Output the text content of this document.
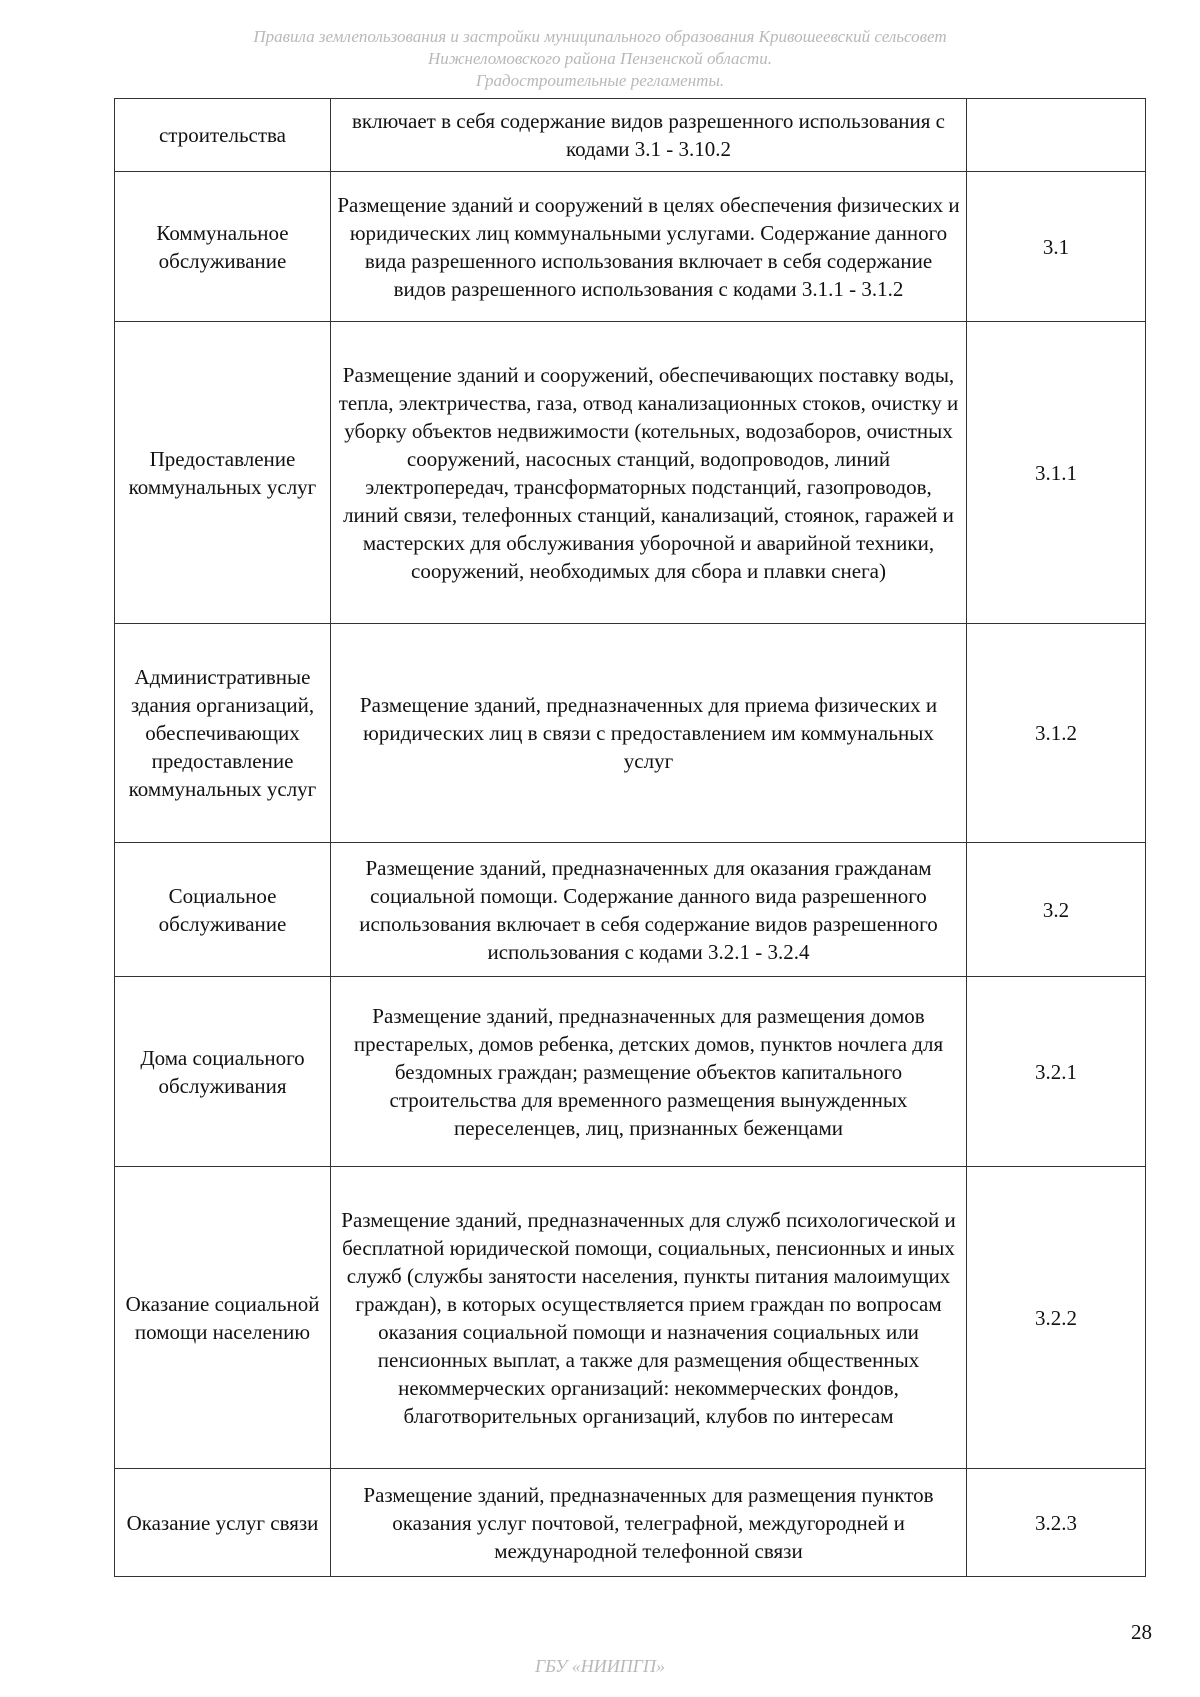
Правила землепользования и застройки муниципального образования Кривошеевский сельсовет
Нижнеломовского района Пензенской области.
Градостроительные регламенты.
строительства	включает в себя содержание видов разрешенного использования с кодами 3.1 - 3.10.2	
Коммунальное обслуживание	Размещение зданий и сооружений в целях обеспечения физических и юридических лиц коммунальными услугами. Содержание данного вида разрешенного использования включает в себя содержание видов разрешенного использования с кодами 3.1.1 - 3.1.2	3.1
Предоставление коммунальных услуг	Размещение зданий и сооружений, обеспечивающих поставку воды, тепла, электричества, газа, отвод канализационных стоков, очистку и уборку объектов недвижимости (котельных, водозаборов, очистных сооружений, насосных станций, водопроводов, линий электропередач, трансформаторных подстанций, газопроводов, линий связи, телефонных станций, канализаций, стоянок, гаражей и мастерских для обслуживания уборочной и аварийной техники, сооружений, необходимых для сбора и плавки снега)	3.1.1
Административные здания организаций, обеспечивающих предоставление коммунальных услуг	Размещение зданий, предназначенных для приема физических и юридических лиц в связи с предоставлением им коммунальных услуг	3.1.2
Социальное обслуживание	Размещение зданий, предназначенных для оказания гражданам социальной помощи. Содержание данного вида разрешенного использования включает в себя содержание видов разрешенного использования с кодами 3.2.1 - 3.2.4	3.2
Дома социального обслуживания	Размещение зданий, предназначенных для размещения домов престарелых, домов ребенка, детских домов, пунктов ночлега для бездомных граждан; размещение объектов капитального строительства для временного размещения вынужденных переселенцев, лиц, признанных беженцами	3.2.1
Оказание социальной помощи населению	Размещение зданий, предназначенных для служб психологической и бесплатной юридической помощи, социальных, пенсионных и иных служб (службы занятости населения, пункты питания малоимущих граждан), в которых осуществляется прием граждан по вопросам оказания социальной помощи и назначения социальных или пенсионных выплат, а также для размещения общественных некоммерческих организаций: некоммерческих фондов, благотворительных организаций, клубов по интересам	3.2.2
Оказание услуг связи	Размещение зданий, предназначенных для размещения пунктов оказания услуг почтовой, телеграфной, междугородней и международной телефонной связи	3.2.3
28
ГБУ «НИИПГП»
